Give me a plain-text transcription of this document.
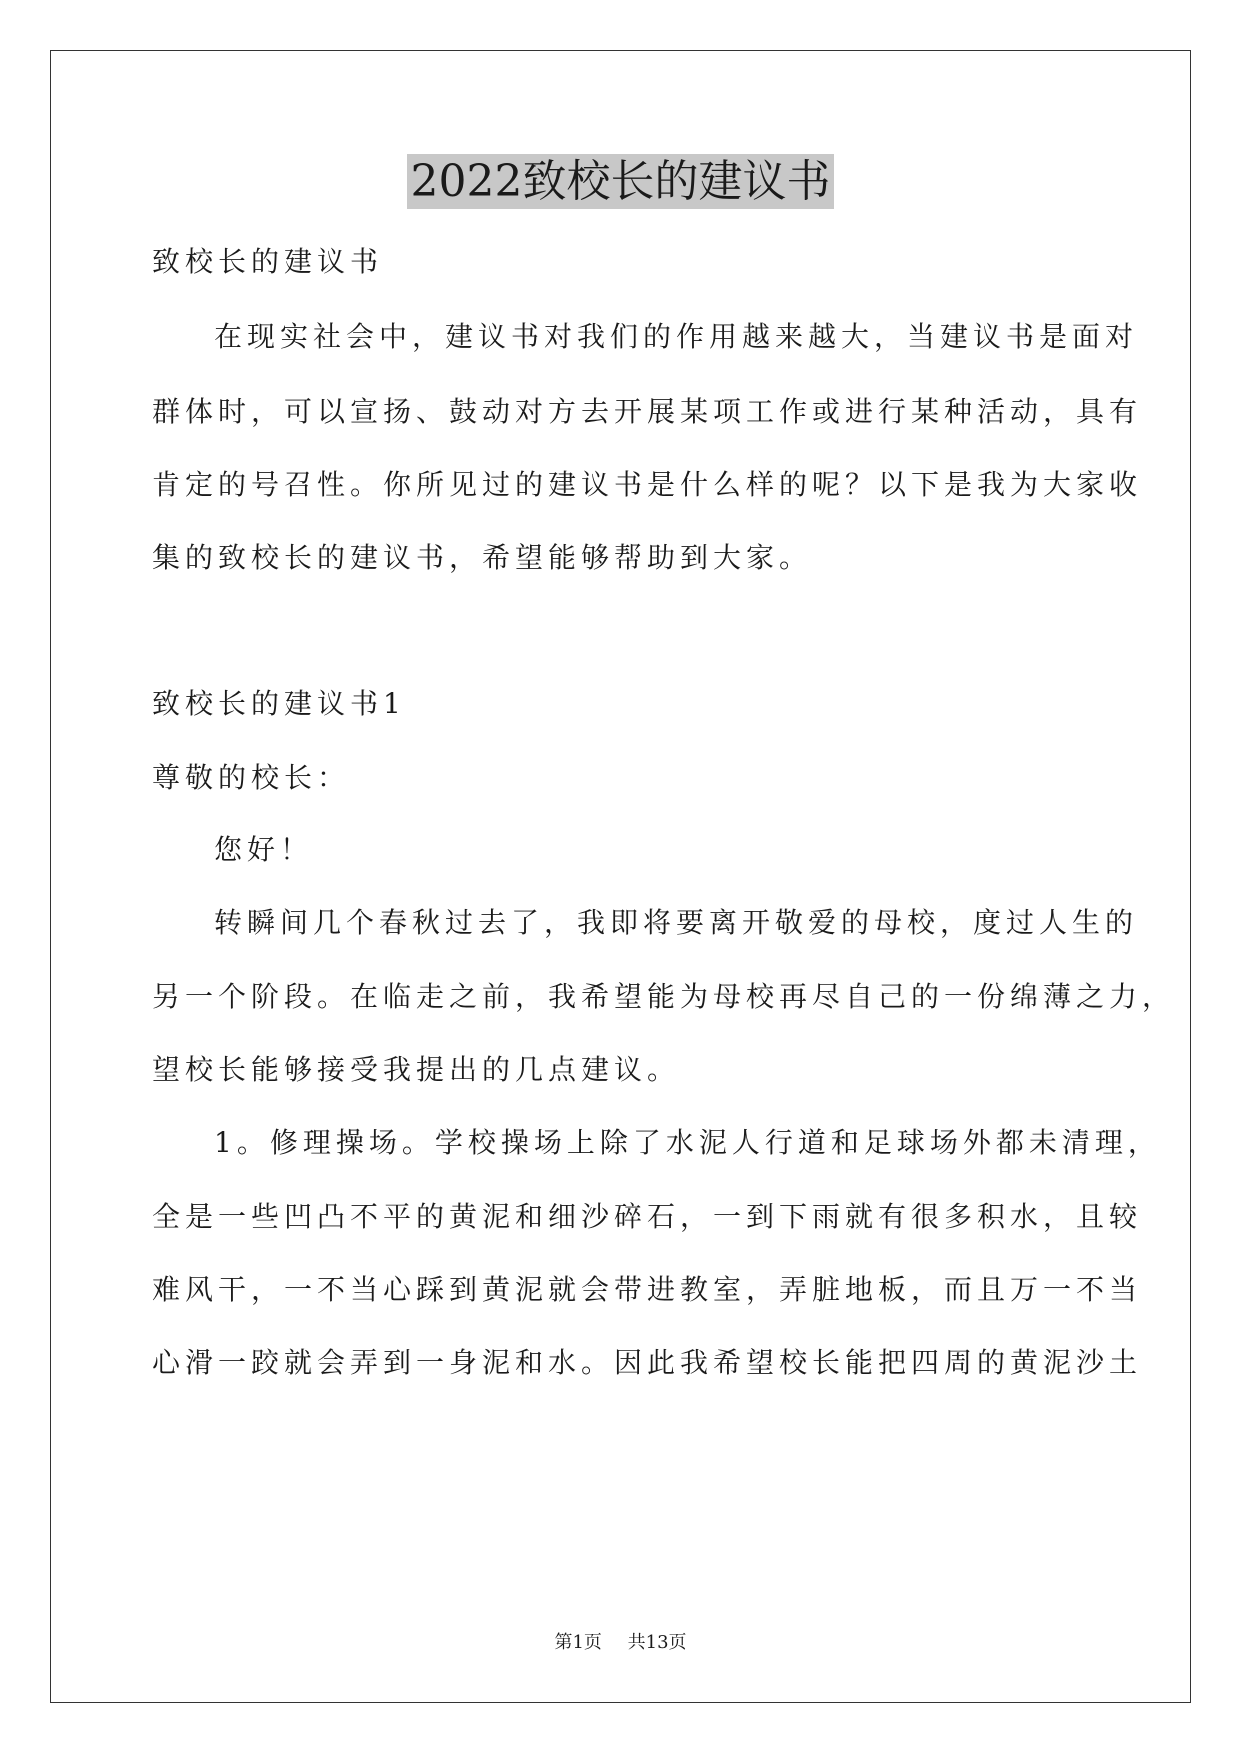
2022致校长的建议书

致校长的建议书

在现实社会中，建议书对我们的作用越来越大，当建议书是面对

群体时，可以宣扬、鼓动对方去开展某项工作或进行某种活动，具有

肯定的号召性。你所见过的建议书是什么样的呢？以下是我为大家收

集的致校长的建议书，希望能够帮助到大家。

致校长的建议书1

尊敬的校长：

您好！

转瞬间几个春秋过去了，我即将要离开敬爱的母校，度过人生的

另一个阶段。在临走之前，我希望能为母校再尽自己的一份绵薄之力，

望校长能够接受我提出的几点建议。

1。修理操场。学校操场上除了水泥人行道和足球场外都未清理，

全是一些凹凸不平的黄泥和细沙碎石，一到下雨就有很多积水，且较

难风干，一不当心踩到黄泥就会带进教室，弄脏地板，而且万一不当

心滑一跤就会弄到一身泥和水。因此我希望校长能把四周的黄泥沙土

第1页 共13页
